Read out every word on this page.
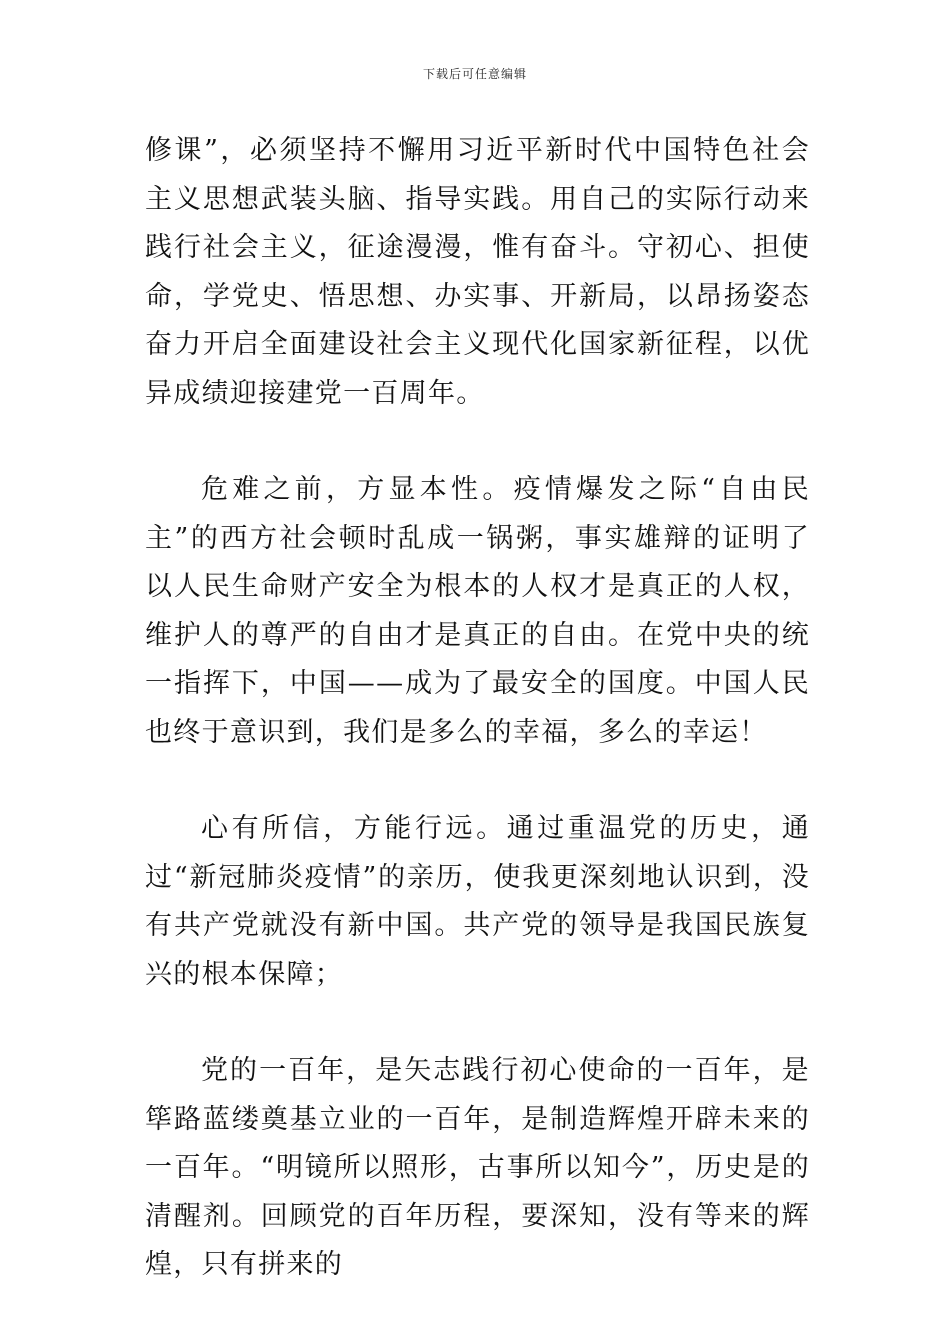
下载后可任意编辑

修课”，必须坚持不懈用习近平新时代中国特色社会主义思想武装头脑、指导实践。用自己的实际行动来践行社会主义，征途漫漫，惟有奋斗。守初心、担使命，学党史、悟思想、办实事、开新局，以昂扬姿态奋力开启全面建设社会主义现代化国家新征程，以优异成绩迎接建党一百周年。

危难之前，方显本性。疫情爆发之际“自由民主”的西方社会顿时乱成一锅粥，事实雄辩的证明了以人民生命财产安全为根本的人权才是真正的人权，维护人的尊严的自由才是真正的自由。在党中央的统一指挥下，中国——成为了最安全的国度。中国人民也终于意识到，我们是多么的幸福，多么的幸运！

心有所信，方能行远。通过重温党的历史，通过“新冠肺炎疫情”的亲历，使我更深刻地认识到，没有共产党就没有新中国。共产党的领导是我国民族复兴的根本保障；

党的一百年，是矢志践行初心使命的一百年，是筚路蓝缕奠基立业的一百年，是制造辉煌开辟未来的一百年。“明镜所以照形，古事所以知今”，历史是的清醒剂。回顾党的百年历程，要深知，没有等来的辉煌，只有拼来的
